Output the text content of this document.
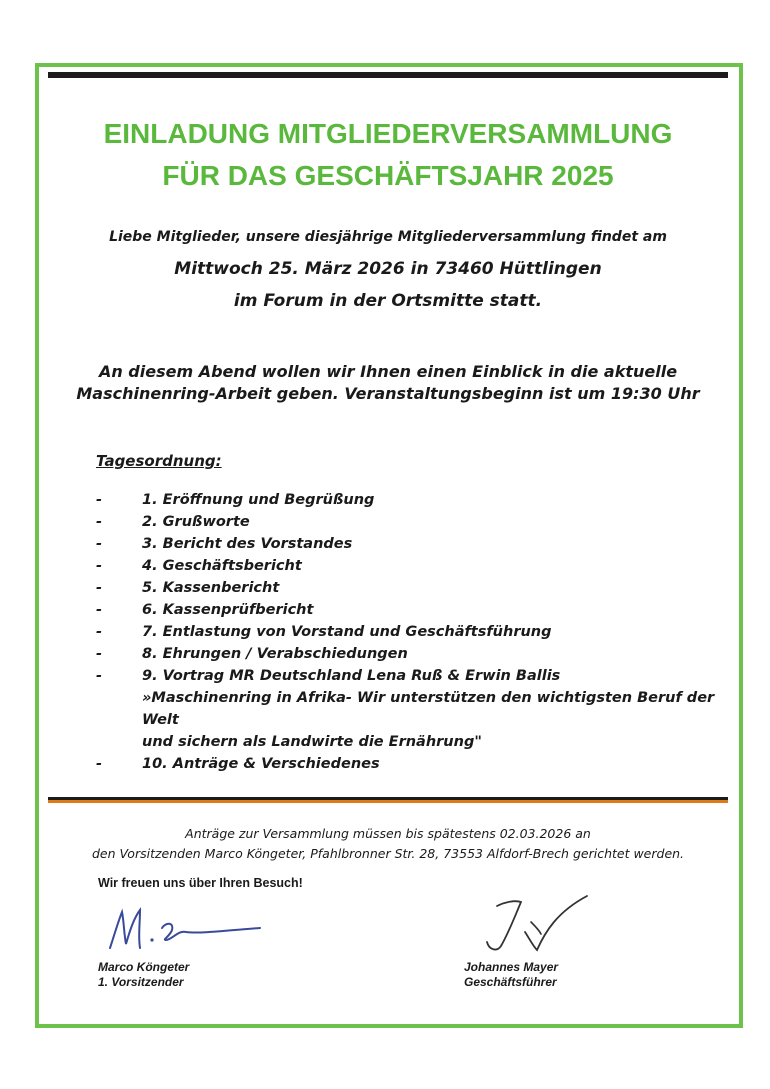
EINLADUNG MITGLIEDERVERSAMMLUNG
FÜR DAS GESCHÄFTSJAHR 2025
Liebe Mitglieder, unsere diesjährige Mitgliederversammlung findet am
Mittwoch 25. März 2026 in 73460 Hüttlingen
im Forum in der Ortsmitte statt.
An diesem Abend wollen wir Ihnen einen Einblick in die aktuelle
Maschinenring-Arbeit geben. Veranstaltungsbeginn ist um 19:30 Uhr
Tagesordnung:
-	1. Eröffnung und Begrüßung
-	2. Grußworte
-	3. Bericht des Vorstandes
-	4. Geschäftsbericht
-	5. Kassenbericht
-	6. Kassenprüfbericht
-	7. Entlastung von Vorstand und Geschäftsführung
-	8. Ehrungen / Verabschiedungen
-	9. Vortrag MR Deutschland Lena Ruß & Erwin Ballis
»Maschinenring in Afrika- Wir unterstützen den wichtigsten Beruf der Welt
und sichern als Landwirte die Ernährung"
-	10. Anträge & Verschiedenes
Anträge zur Versammlung müssen bis spätestens 02.03.2026 an
den Vorsitzenden Marco Köngeter, Pfahlbronner Str. 28, 73553 Alfdorf-Brech gerichtet werden.
Wir freuen uns über Ihren Besuch!
Marco Köngeter
1. Vorsitzender
Johannes Mayer
Geschäftsführer
